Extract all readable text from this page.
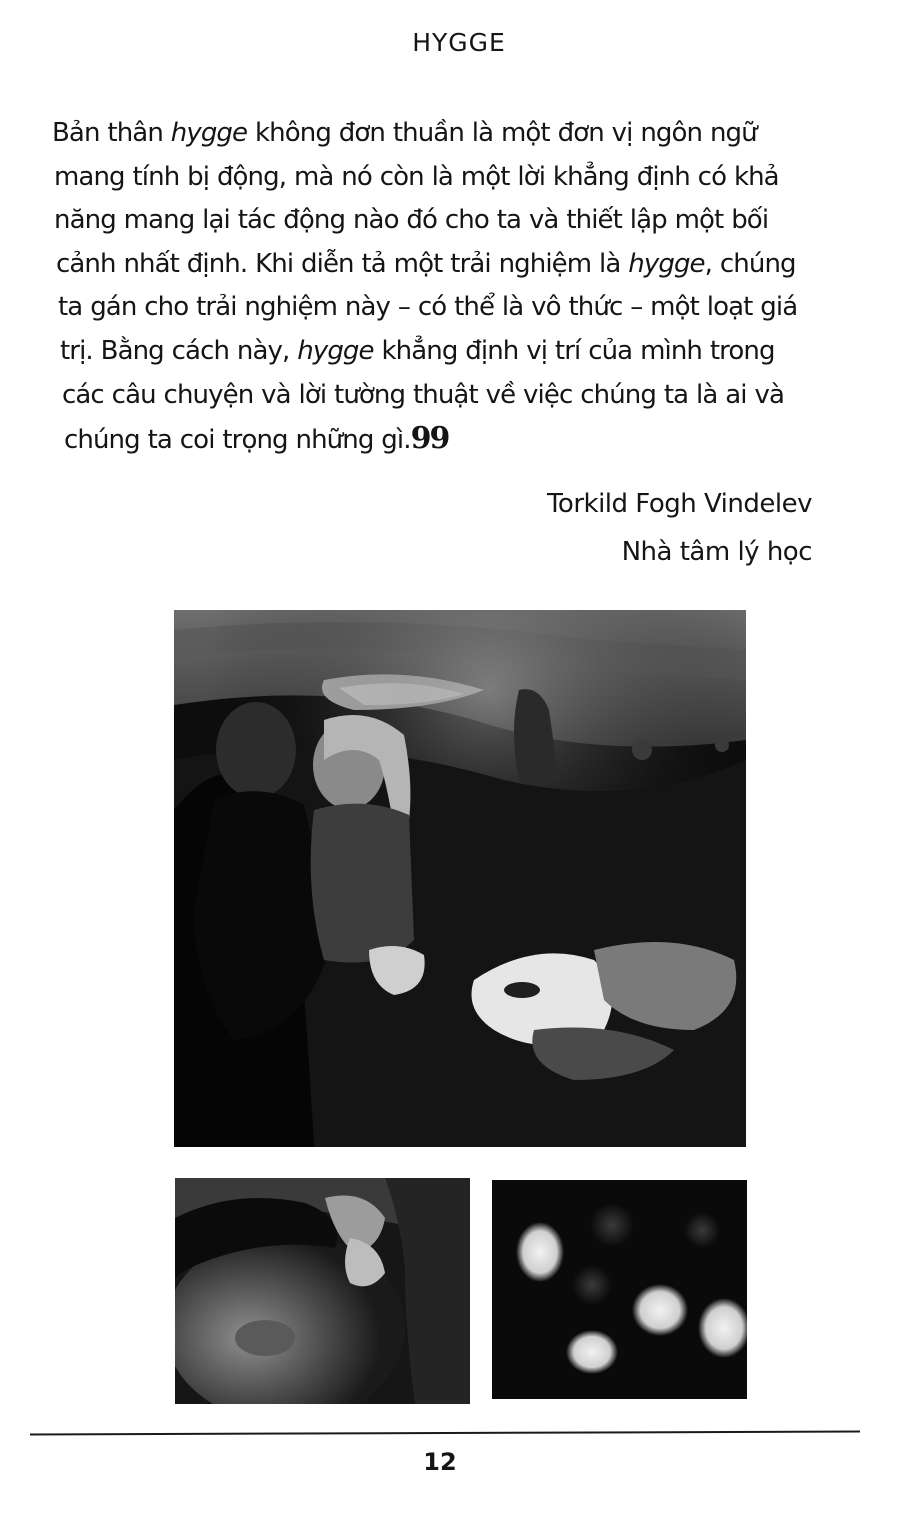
HYGGE
Bản thân hygge không đơn thuần là một đơn vị ngôn ngữ
mang tính bị động, mà nó còn là một lời khẳng định có khả
năng mang lại tác động nào đó cho ta và thiết lập một bối
cảnh nhất định. Khi diễn tả một trải nghiệm là hygge, chúng
ta gán cho trải nghiệm này – có thể là vô thức – một loạt giá
trị. Bằng cách này, hygge khẳng định vị trí của mình trong
các câu chuyện và lời tường thuật về việc chúng ta là ai và
chúng ta coi trọng những gì.99
Torkild Fogh Vindelev
Nhà tâm lý học
12
